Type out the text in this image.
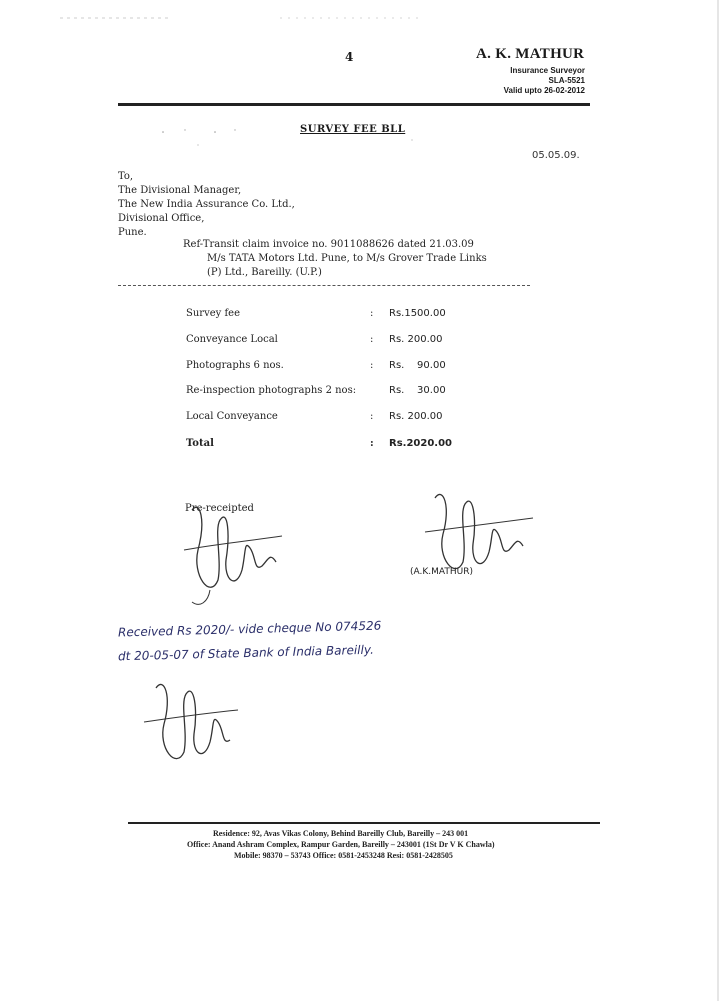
4	A. K. MATHUR
Insurance Surveyor
SLA-5521
Valid upto 26-02-2012
SURVEY FEE BLL
05.05.09.
To,
The Divisional Manager,
The New India Assurance Co. Ltd.,
Divisional Office,
Pune.
Ref-Transit claim invoice no. 9011088626 dated 21.03.09
M/s TATA Motors Ltd. Pune, to M/s Grover Trade Links
(P) Ltd., Bareilly. (U.P.)
Survey fee	: Rs.1500.00
Conveyance Local	: Rs. 200.00
Photographs 6 nos.	: Rs.    90.00
Re-inspection photographs 2 nos:	Rs.    30.00
Local Conveyance	: Rs. 200.00
Total	: Rs.2020.00
Pre-receipted
(A.K.MATHUR)
Received Rs 2020/- vide cheque No 074526
dt 20-05-07 of State Bank of India Bareilly.
Residence: 92, Avas Vikas Colony, Behind Bareilly Club, Bareilly – 243 001
Office: Anand Ashram Complex, Rampur Garden, Bareilly – 243001 (1St Dr V K Chawla)
Mobile: 98370 – 53743 Office: 0581-2453248 Resi: 0581-2428505
